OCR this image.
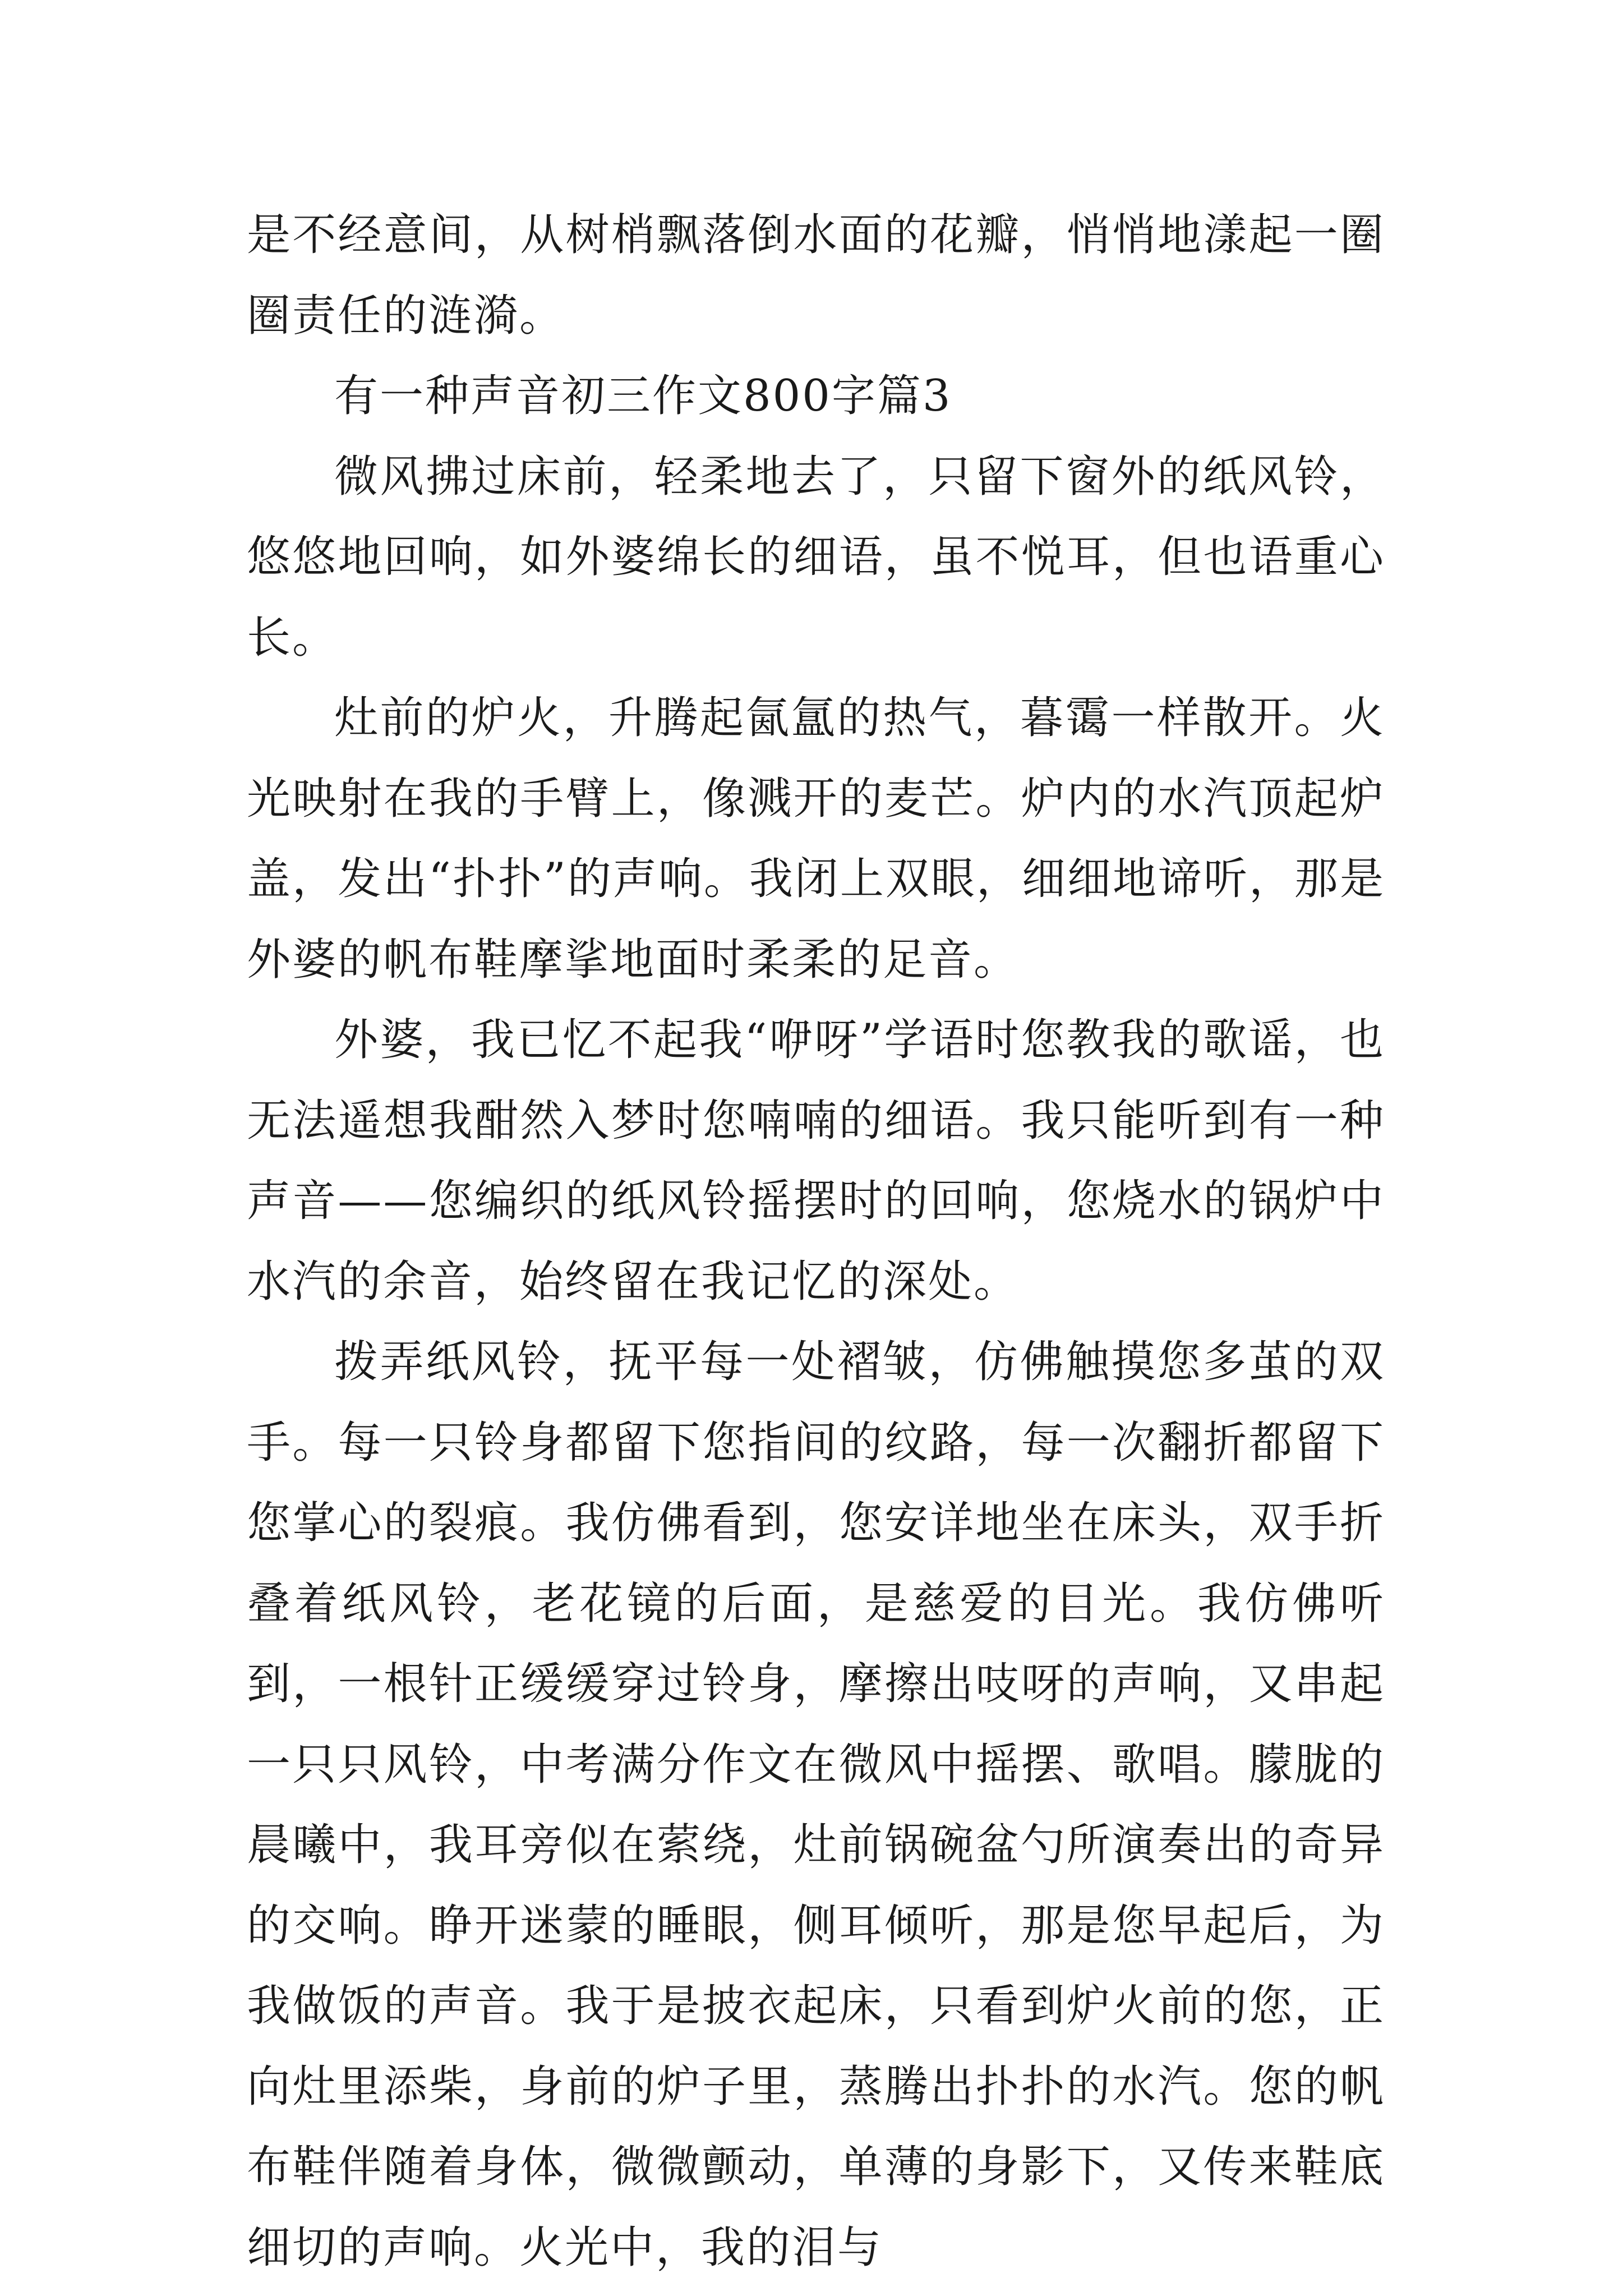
是不经意间，从树梢飘落倒水面的花瓣，悄悄地漾起一圈圈责任的涟漪。

有一种声音初三作文800字篇3

微风拂过床前，轻柔地去了，只留下窗外的纸风铃，悠悠地回响，如外婆绵长的细语，虽不悦耳，但也语重心长。

灶前的炉火，升腾起氤氲的热气，暮霭一样散开。火光映射在我的手臂上，像溅开的麦芒。炉内的水汽顶起炉盖，发出“扑扑”的声响。我闭上双眼，细细地谛听，那是外婆的帆布鞋摩挲地面时柔柔的足音。

外婆，我已忆不起我“咿呀”学语时您教我的歌谣，也无法遥想我酣然入梦时您喃喃的细语。我只能听到有一种声音——您编织的纸风铃摇摆时的回响，您烧水的锅炉中水汽的余音，始终留在我记忆的深处。

拨弄纸风铃，抚平每一处褶皱，仿佛触摸您多茧的双手。每一只铃身都留下您指间的纹路，每一次翻折都留下您掌心的裂痕。我仿佛看到，您安详地坐在床头，双手折叠着纸风铃，老花镜的后面，是慈爱的目光。我仿佛听到，一根针正缓缓穿过铃身，摩擦出吱呀的声响，又串起一只只风铃，中考满分作文在微风中摇摆、歌唱。朦胧的晨曦中，我耳旁似在萦绕，灶前锅碗盆勺所演奏出的奇异的交响。睁开迷蒙的睡眼，侧耳倾听，那是您早起后，为我做饭的声音。我于是披衣起床，只看到炉火前的您，正向灶里添柴，身前的炉子里，蒸腾出扑扑的水汽。您的帆布鞋伴随着身体，微微颤动，单薄的身影下，又传来鞋底细切的声响。火光中，我的泪与
